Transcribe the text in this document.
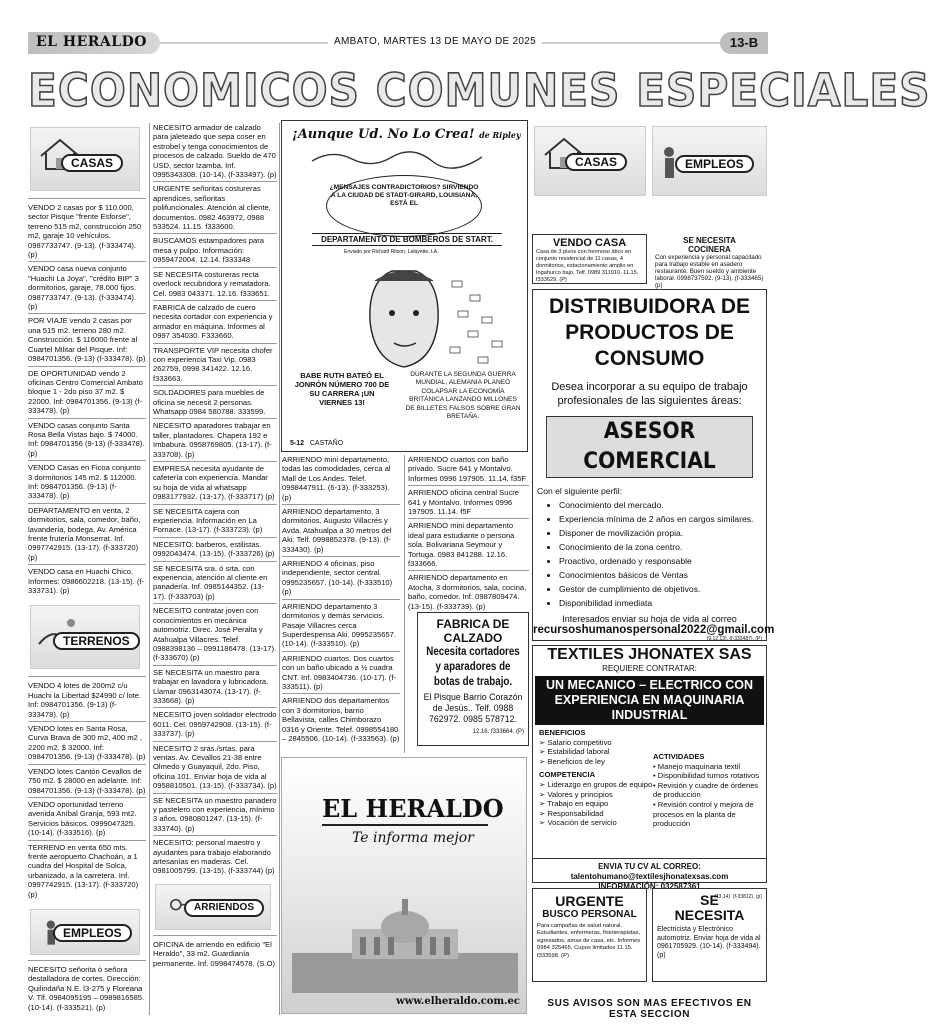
EL HERALDO	AMBATO, MARTES 13 DE MAYO DE 2025	13-B
ECONOMICOS COMUNES ESPECIALES
CASAS

VENDO 2 casas por $ 110.000, sector Pisque "frente Esforse", terreno 515 m2, construcción 250 m2, garaje 10 vehículos. 0987733747. (9-13). (f-333474). (p)

VENDO casa nueva conjunto "Huachi La Joya", "crédito BIP" 3 dormitorios, garaje, 78.000 fijos. 0987733747. (9-13). (f-333474). (p)

POR VIAJE vendo 2 casas por una 515 m2. terreno 280 m2. Construcción. $ 116000 frente al Cuartel Militar del Pisque. Inf: 0984701356. (9-13) (f-333478). (p)

DE OPORTUNIDAD vendo 2 oficinas Centro Comercial Ambato bloque 1 - 2do piso 37 m2. $ 22000. Inf: 0984701356. (9-13) (f-333478). (p)

VENDO casas conjunto Santa Rosa Bella Vistas bajo. $ 74000. Inf: 0984701356 (9-13) (f-333478). (p)

VENDO Casas en Ficoa conjunto 3 dormitorios 145 m2. $ 112000. Inf: 0984701356. (9-13) (f-333478). (p)

DEPARTAMENTO en venta, 2 dormitorios, sala, comedor, baño, lavandería, bodega, Av. América frente frutería Monserrat. Inf. 0997742915. (13-17). (f-333720) (p)

VENDO casa en Huachi Chico. Informes: 0986602218. (13-15). (f-333731). (p)

TERRENOS

VENDO 4 lotes de 200m2 c/u Huachi la Libertad $24990 c/ lote. Inf: 0984701356. (9-13) (f-333478). (p)

VENDO lotes en Santa Rosa, Curva Brava de 300 m2, 400 m2 , 2200 m2. $ 32000. Inf: 0984701356. (9-13) (f-333478). (p)

VENDO lotes Cantón Cevallos de 750 m2. $ 28000 en adelante. Inf: 0984701356. (9-13) (f-333478). (p)

VENDO oportunidad terreno avenida Aníbal Granja, 593 mt2. Servicios básicos. 0999047325. (10-14). (f-333516). (p)

TERRENO en venta 650 mts. frente aeropuerto Chachoán, a 1 cuadra del Hospital de Solca, urbanizado, a la carretera. Inf. 0997742915. (13-17). (f-333720) (p)

EMPLEOS

NECESITO señorita ó señora destalladora de cortes. Dirección: Quilindaña N.E. l3-275 y Floreana V. Tlf. 0984095195 – 0989816585. (10-14). (f-333521). (p)

NECESITO armador de calzado para jaleteado que sepa coser en estrobel y tenga conocimientos de procesos de calzado. Sueldo de 470 USD, sector Izamba. Inf. 0995343308. (10-14). (f-333497). (p)

URGENTE señoritas costureras aprendices, señoritas polifuncionales. Atención al cliente, documentos. 0982 463972, 0988 533524. 11.15. f333600.

BUSCAMOS estampadores para mesa y pulpo. Información: 0959472004. 12.14. f333348

SE NECESITA costureras recta overlock recubridora y rematadora. Cel. 0983 043371. 12.16. f333651.

FABRICA de calzado de cuero necesita cortador con experiencia y armador en máquina. Informes al 0997 354030. F333660.

TRANSPORTE VIP necesita chofer con experiencia Taxi Vip. 0983 262759, 0998 341422. 12.16. f333663.

SOLDADORES para muebles de oficina se necesit 2 personas. Whatsapp 0984 580788. 333599.

NECESITO aparadores trabajar en taller, plantadores. Chapera 192 e Imbabura. 0958769805. (13-17). (f-333708). (p)

EMPRESA necesita ayudante de cafetería con experiencia. Mandar su hoja de vida al whatsapp 0983177932. (13-17). (f-333717) (p)

SE NECESITA cajera con experiencia. Información en La Fornace. (13-17). (f-333723). (p)

NECESITO: barberos, estilistas. 0992043474. (13-15). (f-333726) (p)

SE NECESITA sra. ó srta. con experiencia, atención al cliente en panadería. Inf. 0985144352. (13-17). (f-333703) (p)

NECESITO contratar joven con conocimientos en mecánica automotriz. Direc. José Peralta y Atahualpa Villacres. Telef. 0988398136 – 0991186478. (13-17). (f-333670) (p)

SE NECESITA un maestro para trabajar en lavadora y lubricadora. Llamar 0963143074. (13-17). (f-333668). (p)

NECESITO joven soldador electrodo 6011. Cel. 0959742908. (13-15). (f-333737). (p)

NECESITO 2 sras./srtas. para ventas. Av. Cevallos 21-38 entre Olmedo y Guayaquil, 2do. Piso, oficina 101. Enviar hoja de vida al 0958810501. (13-15). (f-333734). (p)

SE NECESITA un maestro panadero y pastelero con experiencia, mínimo 3 años. 0980801247. (13-15). (f-333740). (p)

NECESITO: personal maestro y ayudantes para trabajo elaborando artesanías en maderas. Cel. 0981005799. (13-15). (f-333744) (p)

ARRIENDOS

OFICINA de arriendo en edificio "El Heraldo", 33 m2. Guardianía permanente. Inf. 0998474578. (S.O)

¡Aunque Ud. No Lo Crea! de Ripley
¿MENSAJES CONTRADICTORIOS? SIRVIENDO A LA CIUDAD DE STADT-GIRARD, LOUISIANA, ESTÁ EL
DEPARTAMENTO DE BOMBEROS DE START.
Enviado por Richard Ritson, Lafayette, LA.
BABE RUTH BATEÓ EL JONRÓN NÚMERO 700 DE SU CARRERA ¡UN VIERNES 13!
DURANTE LA SEGUNDA GUERRA MUNDIAL, ALEMANIA PLANEÓ COLAPSAR LA ECONOMÍA BRITÁNICA LANZANDO MILLONES DE BILLETES FALSOS SOBRE GRAN BRETAÑA.
5-12 CASTAÑO

ARRIENDO mini departamento, todas las comodidades, cerca al Mall de Los Andes. Telef. 0998447911. (6-13). (f-333253). (p)

ARRIENDO departamento, 3 dormitorios, Augusto Villacrés y Avda. Atahualpa a 30 metros del Aki. Telf. 0998852378. (9-13). (f-333430). (p)

ARRIENDO 4 oficinas, piso independiente, sector central. 0995235657. (10-14). (f-333510) (p)

ARRIENDO departamento 3 dormitorios y demás servicios. Pasaje Villacres cerca Superdespensa Aki. 0995235657. (10-14). (f-333510). (p)

ARRIENDO cuartos. Dos cuartos con un baño ubicado a ½ cuadra CNT. Inf. 0983404736. (10-17). (f-333511). (p)

ARRIENDO dos departamentos con 3 dormitorios, barrio Bellavista, calles Chimborazo 0316 y Oriente. Telef. 0998554180 – 2845506. (10-14). (f-333563). (p)

ARRIENDO cuartos con baño privado. Sucre 641 y Montalvo. Informes 0996 197905. 11.14. f35F

ARRIENDO oficina central Sucre 641 y Montalvo. Informes 0996 197905. 11.14. f5F

ARRIENDO mini departamento ideal para estudiante o persona sola. Bolivariana Seymour y Tortuga. 0983 841288. 12.16. f333666.

ARRIENDO departamento en Atocha, 3 dormitorios, sala, cocina, baño, comedor. Inf. 0987809474. (13-15). (f-333739). (p)

FABRICA DE CALZADO
Necesita cortadores y aparadores de botas de trabajo.
El Pisque Barrio Corazón de Jesús.. Telf. 0988 762972. 0985 578712.
12.16. f333664. (P)
EL HERALDO
Te informa mejor
www.elheraldo.com.ec
CASAS	EMPLEOS
VENDO CASA
Casa de 3 pisos con hermoso ático en conjunto residencial de 11 casas, 4 dormitorios, estacionamiento amplio en Ingahurco bajo. Telf. 0989 311010. 11.15. f333629. (P)
SE NECESITA
COCINERA
Con experiencia y personal capacitado para trabajo estable en asadero restaurante. Buen sueldo y ambiente laboral. 0998737592. (9-13). (f-333465) (p)
DISTRIBUIDORA DE PRODUCTOS DE CONSUMO
Desea incorporar a su equipo de trabajo profesionales de las siguientes áreas:
ASESOR COMERCIAL
Con el siguiente perfil:
• Conocimiento del mercado.
• Experiencia mínima de 2 años en cargos similares.
• Disponer de movilización propia.
• Conocimiento de la zona centro.
• Proactivo, ordenado y responsable
• Conocimientos básicos de Ventas
• Gestor de cumplimiento de objetivos.
• Disponibilidad inmediata
Interesados enviar su hoja de vida al correo
recursoshumanospersonal2022@gmail.com
(9,12,13). (f-333487). (P)
TEXTILES JHONATEX SAS
REQUIERE CONTRATAR:
UN MECANICO – ELECTRICO CON EXPERIENCIA EN MAQUINARIA INDUSTRIAL
BENEFICIOS
➢ Salario competitivo
➢ Estabilidad laboral
➢ Beneficios de ley
COMPETENCIA
➢ Liderazgo en grupos de equipo
➢ Valores y principios
➢ Trabajo en equipo
➢ Responsabilidad
➢ Vocación de servicio
ACTIVIDADES
• Manejo maquinaria textil
• Disponibilidad turnos rotativos
• Revisión y cuadre de órdenes de producción
• Revisión control y mejora de procesos en la planta de producción
ENVIA TU CV AL CORREO:
talentohumano@textilesjhonatexsas.com
INFORMACIÓN: 032587361
(13,14). (f-33812). (p)
URGENTE
BUSCO PERSONAL
Para campañas de salud natural. Estudiantes, enfermeras, fisioterapistas, egresados, amas de casa, etc. Informes 0984 325465. Cupos limitados 11.15. f333598. (P)
SE
NECESITA
Electricista y Electrónico automotriz. Enviar hoja de vida al 0961705929. (10-14). (f-333494). (p)
SUS AVISOS SON MAS EFECTIVOS EN ESTA SECCION
